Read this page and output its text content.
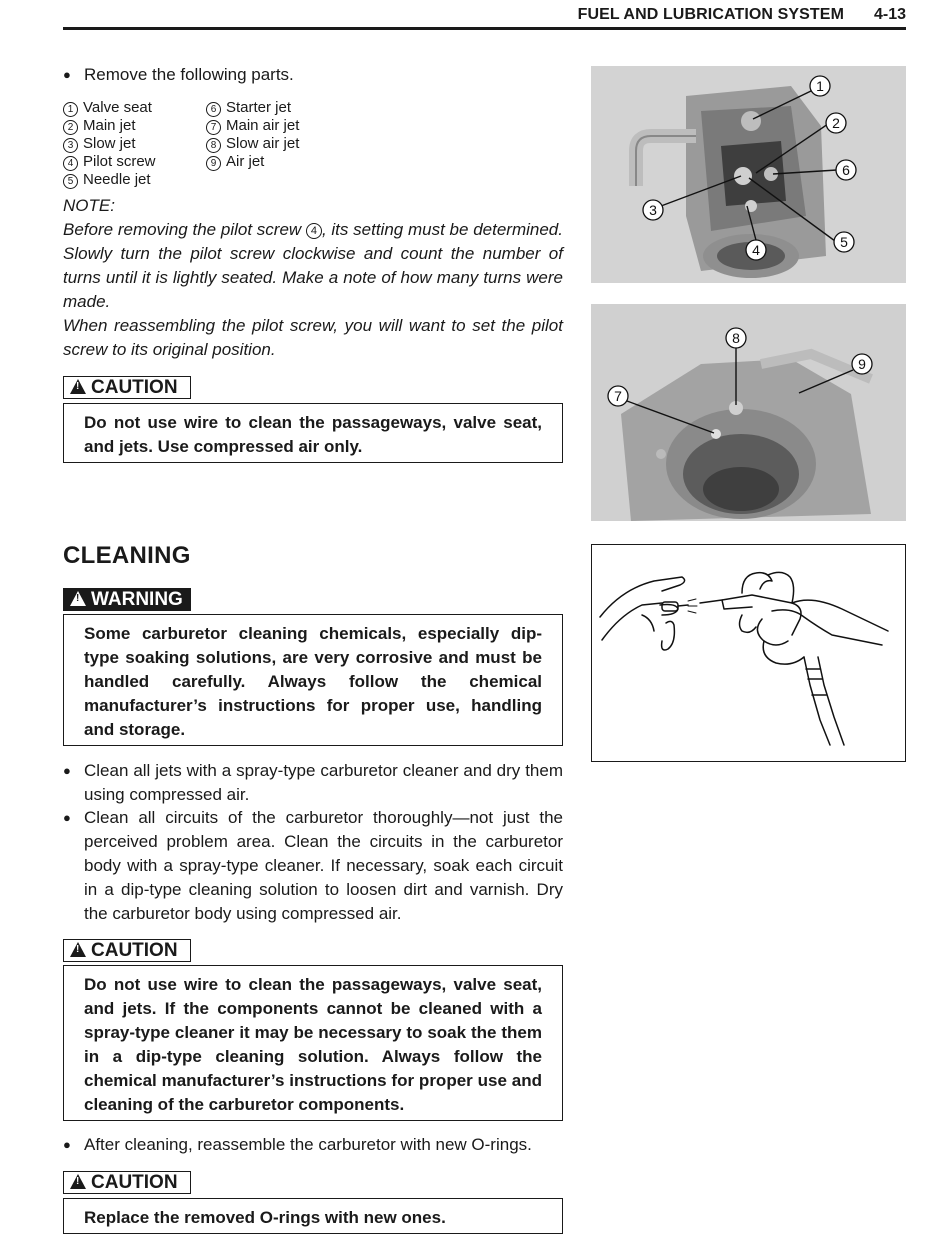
FUEL AND LUBRICATION SYSTEM 4-13
● Remove the following parts.
1 Valve seat
2 Main jet
3 Slow jet
4 Pilot screw
5 Needle jet
6 Starter jet
7 Main air jet
8 Slow air jet
9 Air jet

NOTE:

Before removing the pilot screw 4 , its setting must be determined. Slowly turn the pilot screw clockwise and count the number of turns until it is lightly seated. Make a note of how many turns were made.

When reassembling the pilot screw, you will want to set the pilot screw to its original position.

!CAUTION
Do not use wire to clean the passageways, valve seat, and jets. Use compressed air only.
CLEANING
!WARNING
Some carburetor cleaning chemicals, especially dip-type soaking solutions, are very corrosive and must be handled carefully. Always follow the chemical manufacturer’s instructions for proper use, handling and storage.
● Clean all jets with a spray-type carburetor cleaner and dry them using compressed air.
● Clean all circuits of the carburetor thoroughly—not just the perceived problem area. Clean the circuits in the carburetor body with a spray-type cleaner. If necessary, soak each circuit in a dip-type cleaning solution to loosen dirt and varnish. Dry the carburetor body using compressed air.
!CAUTION
Do not use wire to clean the passageways, valve seat, and jets. If the components cannot be cleaned with a spray-type cleaner it may be necessary to soak the them in a dip-type cleaning solution. Always follow the chemical manufacturer’s instructions for proper use and cleaning of the carburetor components.
● After cleaning, reassemble the carburetor with new O-rings.
!CAUTION
Replace the removed O-rings with new ones.
1
2
6
3
5
4
8
9
7
